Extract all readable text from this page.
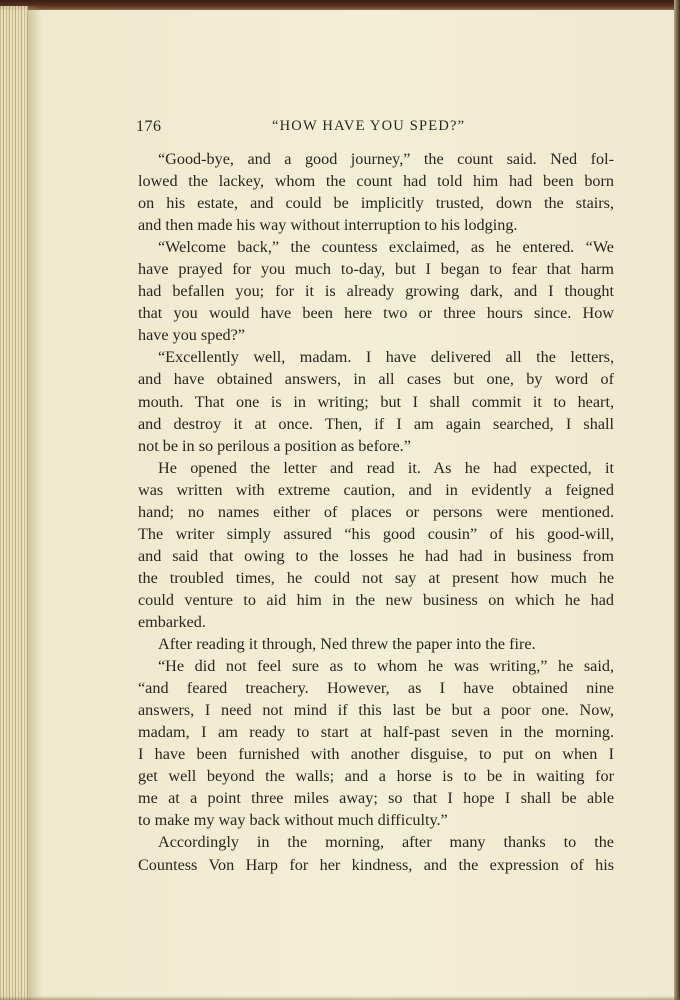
176	“HOW HAVE YOU SPED?”
“Good-bye, and a good journey,” the count said. Ned fol-
lowed the lackey, whom the count had told him had been born
on his estate, and could be implicitly trusted, down the stairs,
and then made his way without interruption to his lodging.
“Welcome back,” the countess exclaimed, as he entered. “We
have prayed for you much to-day, but I began to fear that harm
had befallen you; for it is already growing dark, and I thought
that you would have been here two or three hours since. How
have you sped?”
“Excellently well, madam. I have delivered all the letters,
and have obtained answers, in all cases but one, by word of
mouth. That one is in writing; but I shall commit it to heart,
and destroy it at once. Then, if I am again searched, I shall
not be in so perilous a position as before.”
He opened the letter and read it. As he had expected, it
was written with extreme caution, and in evidently a feigned
hand; no names either of places or persons were mentioned.
The writer simply assured “his good cousin” of his good-will,
and said that owing to the losses he had had in business from
the troubled times, he could not say at present how much he
could venture to aid him in the new business on which he had
embarked.
After reading it through, Ned threw the paper into the fire.
“He did not feel sure as to whom he was writing,” he said,
“and feared treachery. However, as I have obtained nine
answers, I need not mind if this last be but a poor one. Now,
madam, I am ready to start at half-past seven in the morning.
I have been furnished with another disguise, to put on when I
get well beyond the walls; and a horse is to be in waiting for
me at a point three miles away; so that I hope I shall be able
to make my way back without much difficulty.”
Accordingly in the morning, after many thanks to the
Countess Von Harp for her kindness, and the expression of his
